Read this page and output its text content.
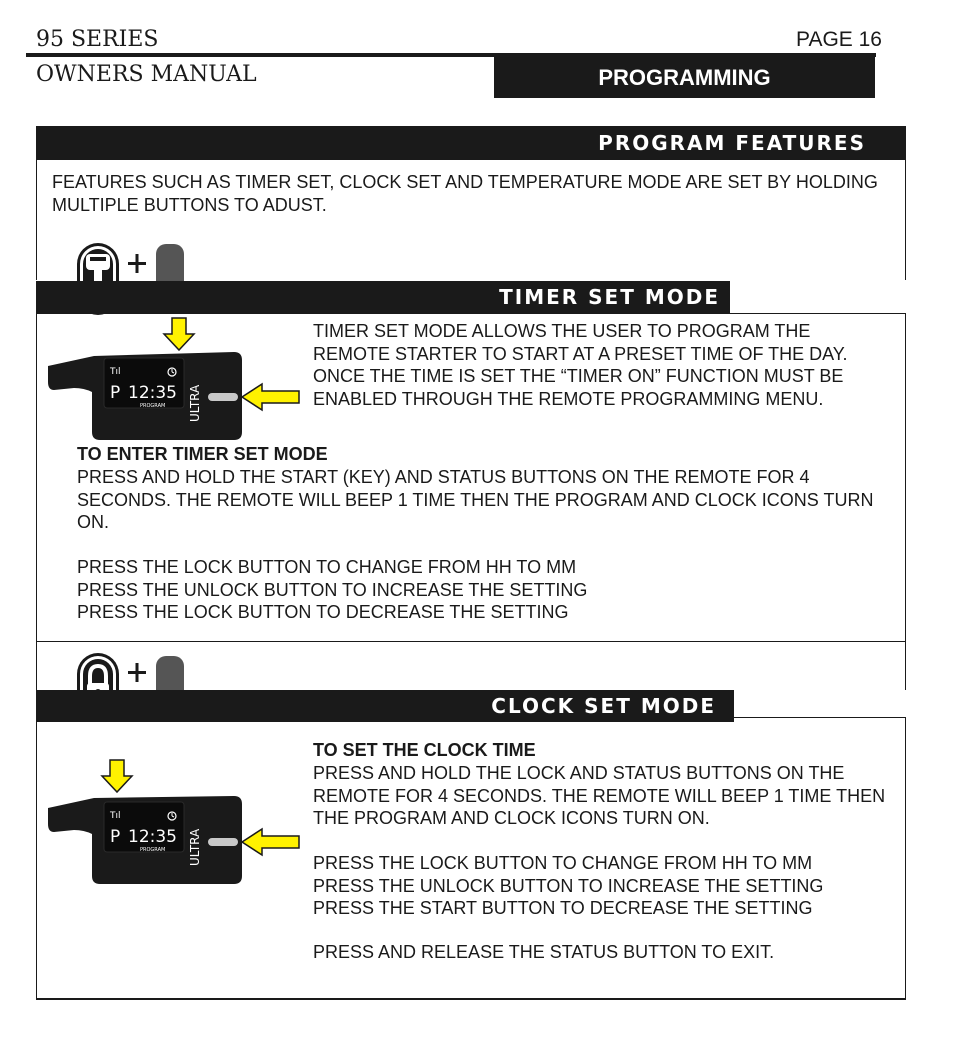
95 SERIES	PAGE 16
OWNERS MANUAL	PROGRAMMING
PROGRAM FEATURES

FEATURES SUCH AS TIMER SET, CLOCK SET AND TEMPERATURE MODE ARE SET BY HOLDING MULTIPLE BUTTONS TO ADUST.

TIMER SET MODE
Tıl
P 12:35
PROGRAM ULTRA

TIMER SET MODE ALLOWS THE USER TO PROGRAM THE REMOTE STARTER TO START AT A PRESET TIME OF THE DAY. ONCE THE TIME IS SET THE “TIMER ON” FUNCTION MUST BE ENABLED THROUGH THE REMOTE PROGRAMMING MENU.

TO ENTER TIMER SET MODE

PRESS AND HOLD THE START (KEY) AND STATUS BUTTONS ON THE REMOTE FOR 4 SECONDS. THE REMOTE WILL BEEP 1 TIME THEN THE PROGRAM AND CLOCK ICONS TURN ON.

PRESS THE LOCK BUTTON TO CHANGE FROM HH TO MM
PRESS THE UNLOCK BUTTON TO INCREASE THE SETTING
PRESS THE LOCK BUTTON TO DECREASE THE SETTING
CLOCK SET MODE
Tıl
P 12:35
PROGRAM ULTRA

TO SET THE CLOCK TIME

PRESS AND HOLD THE LOCK AND STATUS BUTTONS ON THE REMOTE FOR 4 SECONDS. THE REMOTE WILL BEEP 1 TIME THEN THE PROGRAM AND CLOCK ICONS TURN ON.

PRESS THE LOCK BUTTON TO CHANGE FROM HH TO MM
PRESS THE UNLOCK BUTTON TO INCREASE THE SETTING
PRESS THE START BUTTON TO DECREASE THE SETTING

PRESS AND RELEASE THE STATUS BUTTON TO EXIT.
